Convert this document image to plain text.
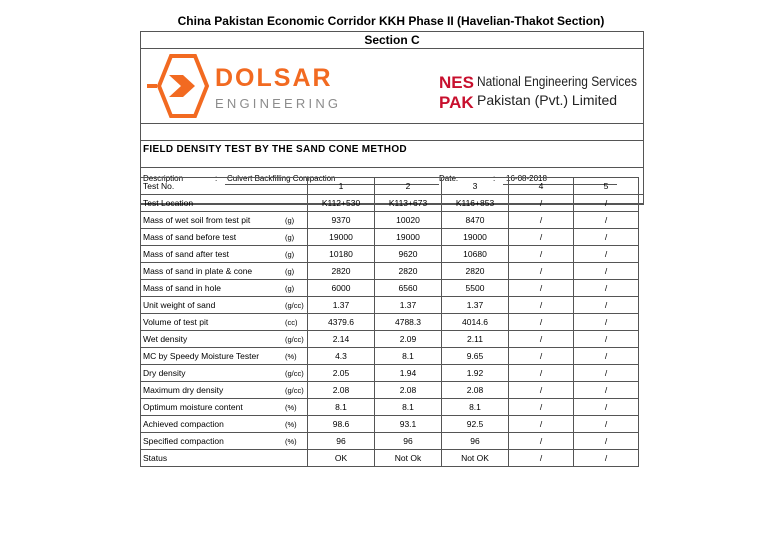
China Pakistan Economic Corridor KKH Phase II (Havelian-Thakot Section)
Section C
DOLSAR
ENGINEERING
NES
PAK
National Engineering Services
Pakistan (Pvt.) Limited
FIELD DENSITY TEST BY THE SAND CONE METHOD
Description	: Culvert Backfilling Compaction	Date.	: 16-08-2018
Test No.		1	2	3	4	5
Test Location		K112+530	K113+673	K116+853	/	/
Mass of wet soil from test pit	(g)	9370	10020	8470	/	/
Mass of sand before test	(g)	19000	19000	19000	/	/
Mass of sand after test	(g)	10180	9620	10680	/	/
Mass of sand in plate & cone	(g)	2820	2820	2820	/	/
Mass of sand in hole	(g)	6000	6560	5500	/	/
Unit weight of sand	(g/cc)	1.37	1.37	1.37	/	/
Volume of test pit	(cc)	4379.6	4788.3	4014.6	/	/
Wet density	(g/cc)	2.14	2.09	2.11	/	/
MC by Speedy Moisture Tester	(%)	4.3	8.1	9.65	/	/
Dry density	(g/cc)	2.05	1.94	1.92	/	/
Maximum dry density	(g/cc)	2.08	2.08	2.08	/	/
Optimum moisture content	(%)	8.1	8.1	8.1	/	/
Achieved compaction	(%)	98.6	93.1	92.5	/	/
Specified compaction	(%)	96	96	96	/	/
Status		OK	Not Ok	Not OK	/	/
